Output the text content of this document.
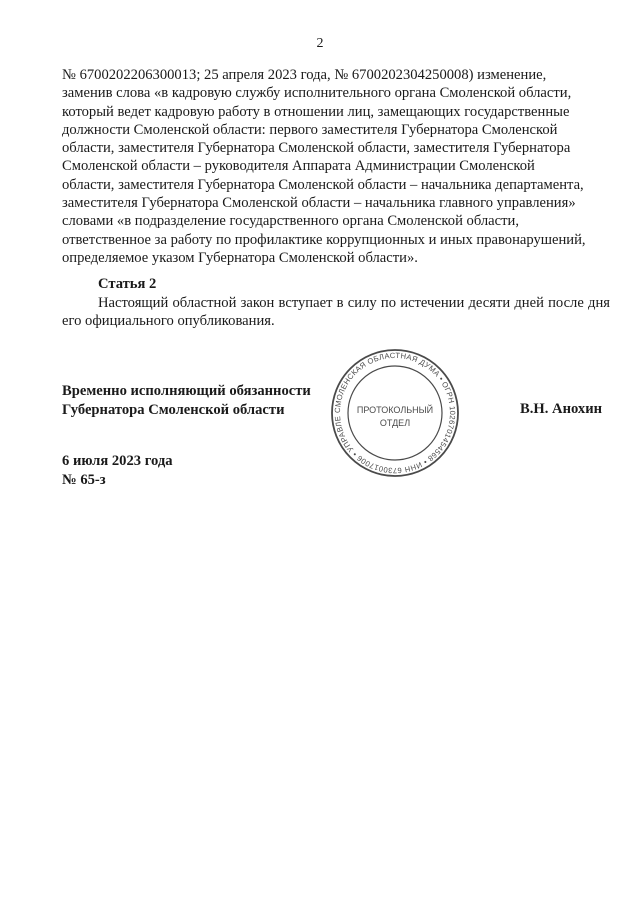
2

№ 6700202206300013; 25 апреля 2023 года, № 6700202304250008) изменение,

заменив слова «в кадровую службу исполнительного органа Смоленской области,

который ведет кадровую работу в отношении лиц, замещающих государственные

должности Смоленской области: первого заместителя Губернатора Смоленской

области, заместителя Губернатора Смоленской области, заместителя Губернатора

Смоленской области – руководителя Аппарата Администрации Смоленской

области, заместителя Губернатора Смоленской области – начальника департамента,

заместителя Губернатора Смоленской области – начальника главного управления»

словами «в подразделение государственного органа Смоленской области,

ответственное за работу по профилактике коррупционных и иных правонарушений,

определяемое указом Губернатора Смоленской области».

Статья 2
Настоящий областной закон вступает в силу по истечении десяти дней после дня его официального опубликования.
Временно исполняющий обязанности
Губернатора Смоленской области	СМОЛЕНСКАЯ ОБЛАСТНАЯ ДУМА • ОГРН 1026701454568 • ИНН 6730017006 • УПРАВЛЕ
ПРОТОКОЛЬНЫЙ
ОТДЕЛ
В.Н. Анохин
6 июля 2023 года
№ 65-з
